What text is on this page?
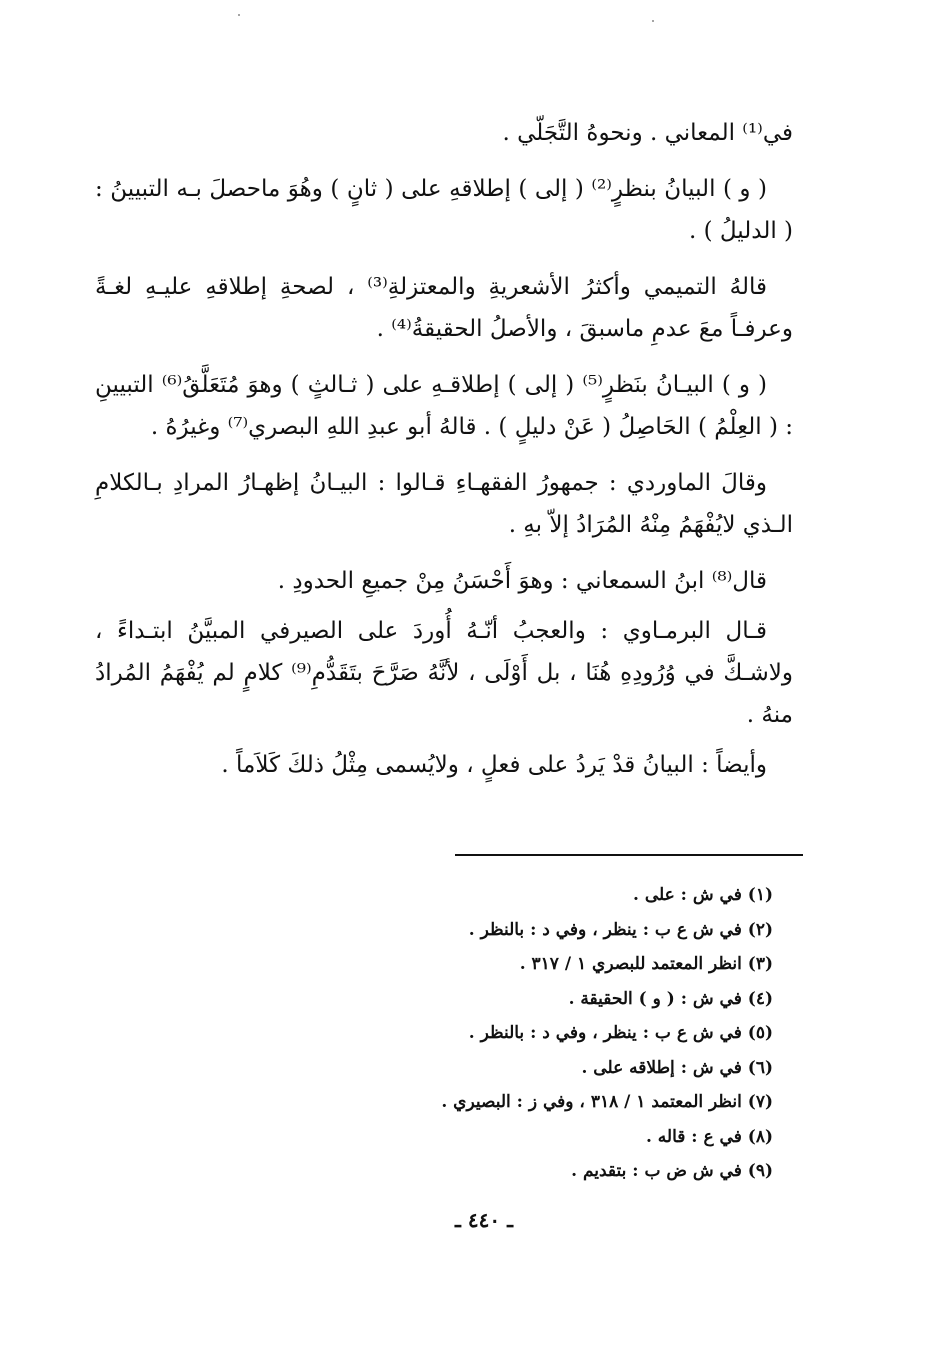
في⁽¹⁾ المعاني . ونحوهُ التَّجَلّي .

( و ) البيانُ بنظرٍ⁽²⁾ ( إلى ) إطلاقهِ على ( ثانٍ ) وهُوَ ماحصلَ بـه التبيينُ : ( الدليلُ ) .

قالهُ التميمي وأكثرُ الأشعريةِ والمعتزلةِ⁽³⁾ ، لصحةِ إطلاقهِ عليـهِ لغـةً وعرفـاً معَ عدمِ ماسبقَ ، والأصلُ الحقيقةُ⁽⁴⁾ .

( و ) البيـانُ بنَظرٍ⁽⁵⁾ ( إلى ) إطلاقـهِ على ( ثـالثٍ ) وهوَ مُتَعَلَّقُ⁽⁶⁾ التبيينِ : ( العِلْمُ ) الحَاصِلُ ( عَنْ دليلٍ ) . قالهُ أبو عبدِ اللهِ البصري⁽⁷⁾ وغيرُهُ .

وقالَ الماوردي : جمهورُ الفقهـاءِ قـالوا : البيـانُ إظهـارُ المرادِ بـالكلامِ الـذي لايُفْهَمُ مِنْهُ المُرَادُ إلاّ بهِ .

قال⁽⁸⁾ ابنُ السمعاني : وهوَ أَحْسَنُ مِنْ جميعِ الحدودِ .

قـال البرمـاوي : والعجبُ أنّـهُ أُوردَ على الصيرفي المبيَّنُ ابتـداءً ، ولاشـكَّ في وُرُودِهِ هُنَا ، بل أَوْلَى ، لأنَّهُ صَرَّحَ بتَقَدُّمِ⁽⁹⁾ كلامٍ لم يُفْهَمُ المُرادُ منهُ .

وأيضاً : البيانُ قدْ يَردُ على فعلٍ ، ولايُسمى مِثْلُ ذلكَ كَلاَماً .

(١) في ش : على .
(٢) في ش ع ب : ينظر ، وفي د : بالنظر .
(٣) انظر المعتمد للبصري ١ / ٣١٧ .
(٤) في ش : ( و ) الحقيقة .
(٥) في ش ع ب : ينظر ، وفي د : بالنظر .
(٦) في ش : إطلاقه على .
(٧) انظر المعتمد ١ / ٣١٨ ، وفي ز : البصيري .
(٨) في ع : قاله .
(٩) في ش ض ب : بتقديم .
ـ ٤٤٠ ـ
